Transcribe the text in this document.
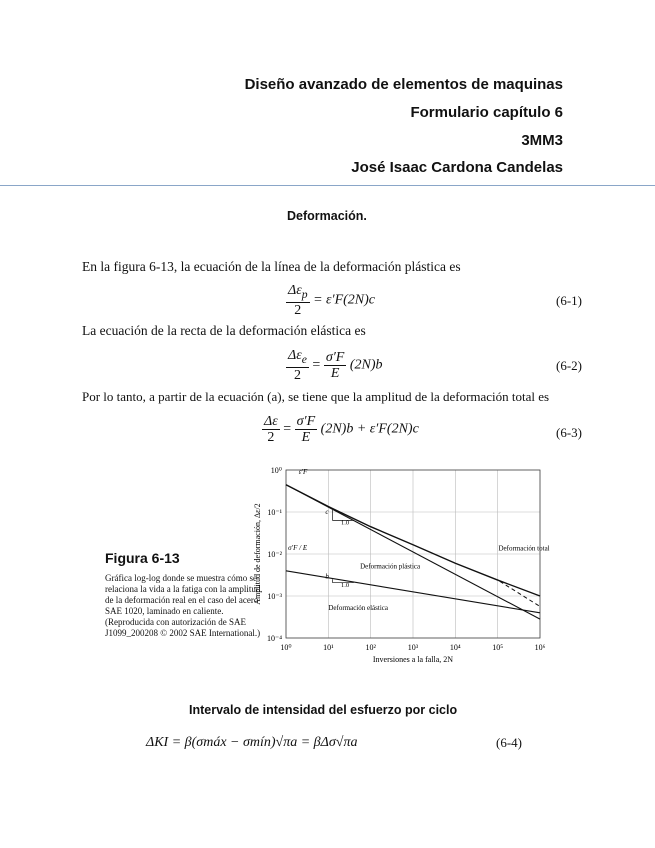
Diseño avanzado de elementos de maquinas
Formulario capítulo 6
3MM3
José Isaac Cardona Candelas
Deformación.
En la figura 6-13, la ecuación de la línea de la deformación plástica es
$\frac{\Delta\varepsilon_p}{2} = \varepsilon'F(2N)c$	(6-1)
La ecuación de la recta de la deformación elástica es
$\frac{\Delta\varepsilon_e}{2} = \frac{\sigma'F}{E} (2N)b$	(6-2)
Por lo tanto, a partir de la ecuación (a), se tiene que la amplitud de la deformación total es
$\frac{\Delta\varepsilon}{2} = \frac{\sigma'F}{E} (2N)b + \varepsilon'F(2N)c$	(6-3)
Figura 6-13
Gráfica log-log donde se muestra cómo se relaciona la vida a la fatiga con la amplitud de la deformación real en el caso del acero SAE 1020, laminado en caliente. (Reproducida con autorización de SAE J1099_200208 © 2002 SAE International.)
10⁰	10¹	10²	10³	10⁴	10⁵	10⁶
10⁰
10⁻¹
10⁻²
10⁻³
10⁻⁴
Inversiones a la falla, 2N
Amplitud de deformación, Δε/2
ε′F
σ′F / E
c
b
1.0
1.0
Deformación plástica
Deformación elástica
Deformación total
Intervalo de intensidad del esfuerzo por ciclo
ΔKI = β(σmáx − σmín)√πa = βΔσ√πa	(6-4)
